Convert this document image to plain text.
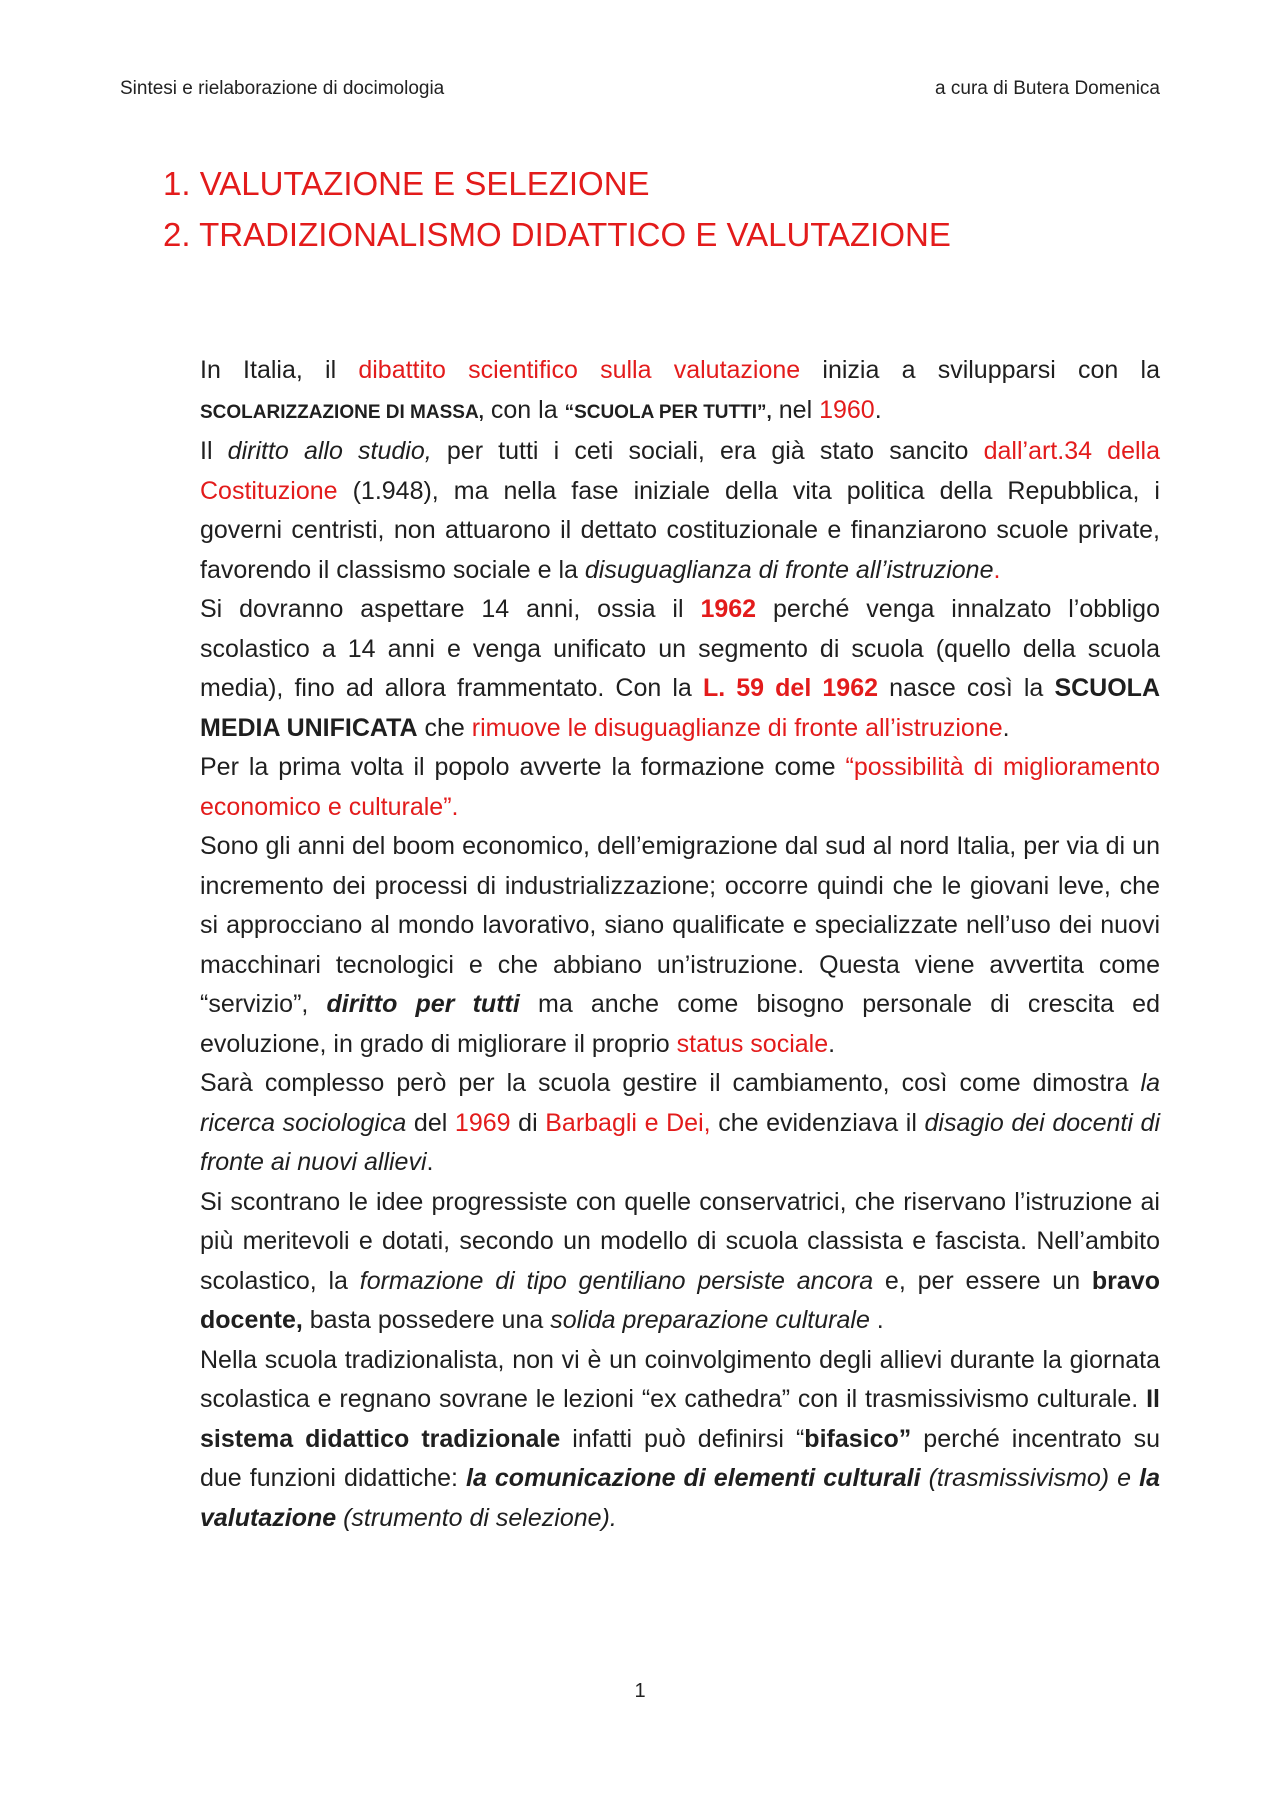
Sintesi e rielaborazione di docimologia	a cura di Butera Domenica
1. VALUTAZIONE E SELEZIONE
2. TRADIZIONALISMO DIDATTICO E VALUTAZIONE

In Italia, il dibattito scientifico sulla valutazione inizia a svilupparsi con la SCOLARIZZAZIONE DI MASSA, con la “SCUOLA PER TUTTI”, nel 1960.

Il diritto allo studio, per tutti i ceti sociali, era già stato sancito dall’art.34 della Costituzione (1.948), ma nella fase iniziale della vita politica della Repubblica, i governi centristi, non attuarono il dettato costituzionale e finanziarono scuole private, favorendo il classismo sociale e la disuguaglianza di fronte all’istruzione.

Si dovranno aspettare 14 anni, ossia il 1962 perché venga innalzato l’obbligo scolastico a 14 anni e venga unificato un segmento di scuola (quello della scuola media), fino ad allora frammentato. Con la L. 59 del 1962 nasce così la SCUOLA MEDIA UNIFICATA che rimuove le disuguaglianze di fronte all’istruzione.

Per la prima volta il popolo avverte la formazione come “possibilità di miglioramento economico e culturale”.

Sono gli anni del boom economico, dell’emigrazione dal sud al nord Italia, per via di un incremento dei processi di industrializzazione; occorre quindi che le giovani leve, che si approcciano al mondo lavorativo, siano qualificate e specializzate nell’uso dei nuovi macchinari tecnologici e che abbiano un’istruzione. Questa viene avvertita come “servizio”, diritto per tutti ma anche come bisogno personale di crescita ed evoluzione, in grado di migliorare il proprio status sociale.

Sarà complesso però per la scuola gestire il cambiamento, così come dimostra la ricerca sociologica del 1969 di Barbagli e Dei, che evidenziava il disagio dei docenti di fronte ai nuovi allievi.

Si scontrano le idee progressiste con quelle conservatrici, che riservano l’istruzione ai più meritevoli e dotati, secondo un modello di scuola classista e fascista. Nell’ambito scolastico, la formazione di tipo gentiliano persiste ancora e, per essere un bravo docente, basta possedere una solida preparazione culturale .

Nella scuola tradizionalista, non vi è un coinvolgimento degli allievi durante la giornata scolastica e regnano sovrane le lezioni “ex cathedra” con il trasmissivismo culturale. Il sistema didattico tradizionale infatti può definirsi “bifasico” perché incentrato su due funzioni didattiche: la comunicazione di elementi culturali (trasmissivismo) e la valutazione (strumento di selezione).

1
